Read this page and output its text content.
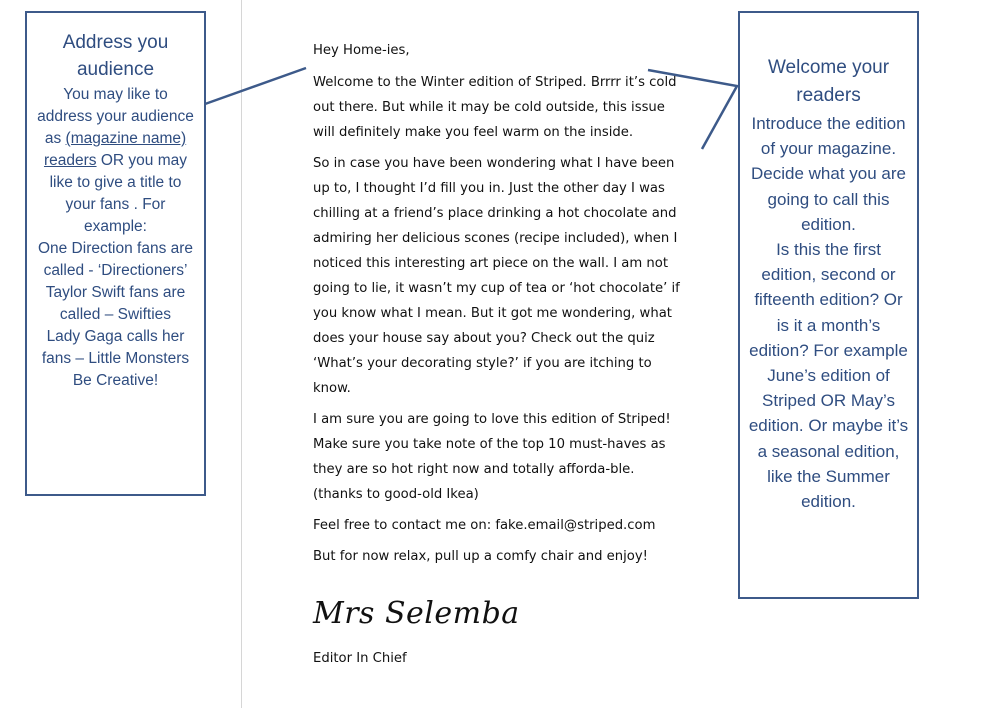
Address you audience
You may like to address your audience as (magazine name) readers OR you may like to give a title to your fans . For example:
One Direction fans are called - ‘Directioners’
Taylor Swift fans are called – Swifties
Lady Gaga calls her fans – Little Monsters
Be Creative!
Welcome your readers
Introduce the edition of your magazine. Decide what you are going to call this edition.
Is this the first edition, second or fifteenth edition? Or is it a month’s edition? For example June’s edition of Striped OR May’s edition. Or maybe it’s a seasonal edition, like the Summer edition.

Hey Home-ies,

Welcome to the Winter edition of Striped. Brrrr it’s cold out there. But while it may be cold outside, this issue will definitely make you feel warm on the inside.

So in case you have been wondering what I have been up to, I thought I’d fill you in. Just the other day I was chilling at a friend’s place drinking a hot chocolate and admiring her delicious scones (recipe included), when I noticed this interesting art piece on the wall. I am not going to lie, it wasn’t my cup of tea or ‘hot chocolate’ if you know what I mean. But it got me wondering, what does your house say about you? Check out the quiz ‘What’s your decorating style?’ if you are itching to know.

I am sure you are going to love this edition of Striped! Make sure you take note of the top 10 must-haves as they are so hot right now and totally afforda-ble. (thanks to good-old Ikea)

Feel free to contact me on: fake.email@striped.com

But for now relax, pull up a comfy chair and enjoy!

Mrs Selemba
Editor In Chief
